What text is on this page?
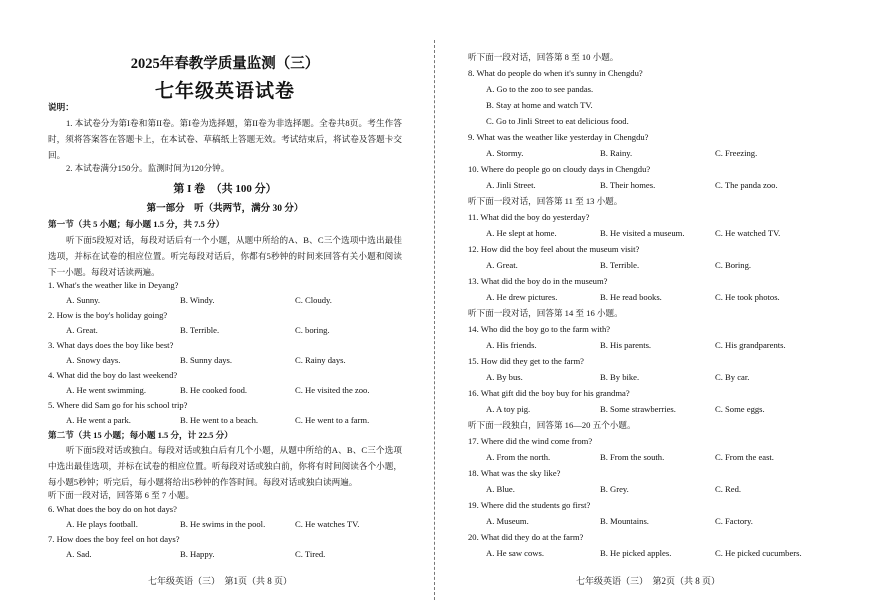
2025年春教学质量监测（三）
七年级英语试卷
说明：
1. 本试卷分为第I卷和第II卷。第I卷为选择题，第II卷为非选择题。全卷共8页。考生作答时，须将答案答在答题卡上，在本试卷、草稿纸上答题无效。考试结束后，将试卷及答题卡交回。
2. 本试卷满分150分。监测时间为120分钟。
第 I 卷　（共 100 分）
第一部分　听（共两节，满分 30 分）
第一节（共 5 小题；每小题 1.5 分，共 7.5 分）
听下面5段短对话，每段对话后有一个小题，从题中所给的A、B、C三个选项中选出最佳选项，并标在试卷的相应位置。听完每段对话后，你都有5秒钟的时间来回答有关小题和阅读下一小题。每段对话读两遍。
1. What's the weather like in Deyang?
A. Sunny.	B. Windy.	C. Cloudy.
2. How is the boy's holiday going?
A. Great.	B. Terrible.	C. boring.
3. What days does the boy like best?
A. Snowy days.	B. Sunny days.	C. Rainy days.
4. What did the boy do last weekend?
A. He went swimming.	B. He cooked food.	C. He visited the zoo.
5. Where did Sam go for his school trip?
A. He went a park.	B. He went to a beach.	C. He went to a farm.
第二节（共 15 小题；每小题 1.5 分，计 22.5 分）
听下面5段对话或独白。每段对话或独白后有几个小题，从题中所给的A、B、C三个选项中选出最佳选项，并标在试卷的相应位置。听每段对话或独白前，你将有时间阅读各个小题，每小题5秒钟；听完后，每小题将给出5秒钟的作答时间。每段对话或独白读两遍。
听下面一段对话，回答第 6 至 7 小题。
6. What does the boy do on hot days?
A. He plays football.	B. He swims in the pool.	C. He watches TV.
7. How does the boy feel on hot days?
A. Sad.	B. Happy.	C. Tired.
七年级英语（三）　第1页（共 8 页）
听下面一段对话，回答第 8 至 10 小题。
8. What do people do when it's sunny in Chengdu?
A. Go to the zoo to see pandas.
B. Stay at home and watch TV.
C. Go to Jinli Street to eat delicious food.
9. What was the weather like yesterday in Chengdu?
A. Stormy.	B. Rainy.	C. Freezing.
10. Where do people go on cloudy days in Chengdu?
A. Jinli Street.	B. Their homes.	C. The panda zoo.
听下面一段对话，回答第 11 至 13 小题。
11. What did the boy do yesterday?
A. He slept at home.	B. He visited a museum.	C. He watched TV.
12. How did the boy feel about the museum visit?
A. Great.	B. Terrible.	C. Boring.
13. What did the boy do in the museum?
A. He drew pictures.	B. He read books.	C. He took photos.
听下面一段对话，回答第 14 至 16 小题。
14. Who did the boy go to the farm with?
A. His friends.	B. His parents.	C. His grandparents.
15. How did they get to the farm?
A. By bus.	B. By bike.	C. By car.
16. What gift did the boy buy for his grandma?
A. A toy pig.	B. Some strawberries.	C. Some eggs.
听下面一段独白，回答第 16—20 五个小题。
17. Where did the wind come from?
A. From the north.	B. From the south.	C. From the east.
18. What was the sky like?
A. Blue.	B. Grey.	C. Red.
19. Where did the students go first?
A. Museum.	B. Mountains.	C. Factory.
20. What did they do at the farm?
A. He saw cows.	B. He picked apples.	C. He picked cucumbers.
七年级英语（三）　第2页（共 8 页）
